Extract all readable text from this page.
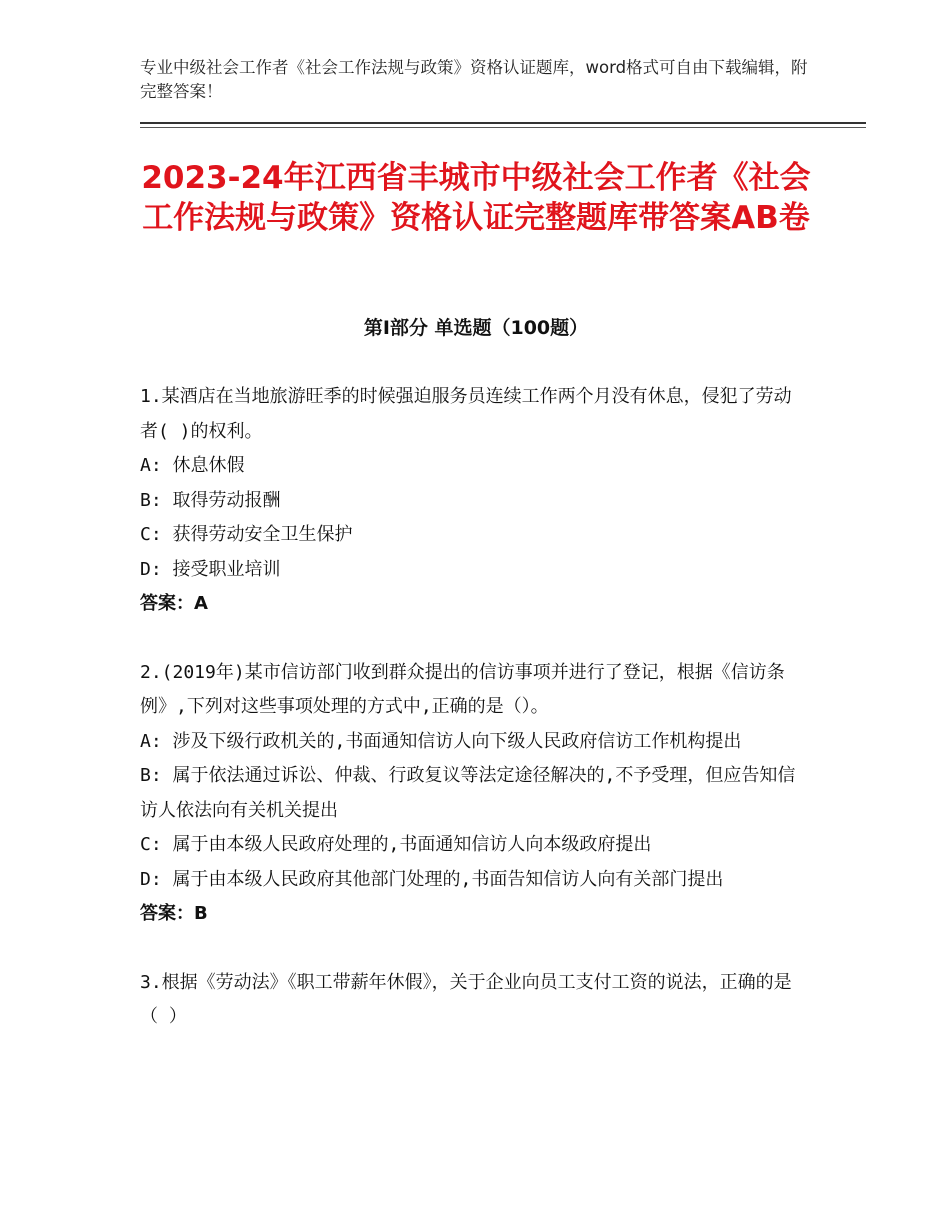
专业中级社会工作者《社会工作法规与政策》资格认证题库，word格式可自由下载编辑，附完整答案！
2023-24年江西省丰城市中级社会工作者《社会工作法规与政策》资格认证完整题库带答案AB卷
第I部分 单选题（100题）
1.某酒店在当地旅游旺季的时候强迫服务员连续工作两个月没有休息，侵犯了劳动者( )的权利。
A: 休息休假
B: 取得劳动报酬
C: 获得劳动安全卫生保护
D: 接受职业培训
答案：A
2.(2019年)某市信访部门收到群众提出的信访事项并进行了登记，根据《信访条例》,下列对这些事项处理的方式中,正确的是（）。
A: 涉及下级行政机关的,书面通知信访人向下级人民政府信访工作机构提出
B: 属于依法通过诉讼、仲裁、行政复议等法定途径解决的,不予受理，但应告知信访人依法向有关机关提出
C: 属于由本级人民政府处理的,书面通知信访人向本级政府提出
D: 属于由本级人民政府其他部门处理的,书面告知信访人向有关部门提出
答案：B
3.根据《劳动法》《职工带薪年休假》，关于企业向员工支付工资的说法，正确的是（ ）
